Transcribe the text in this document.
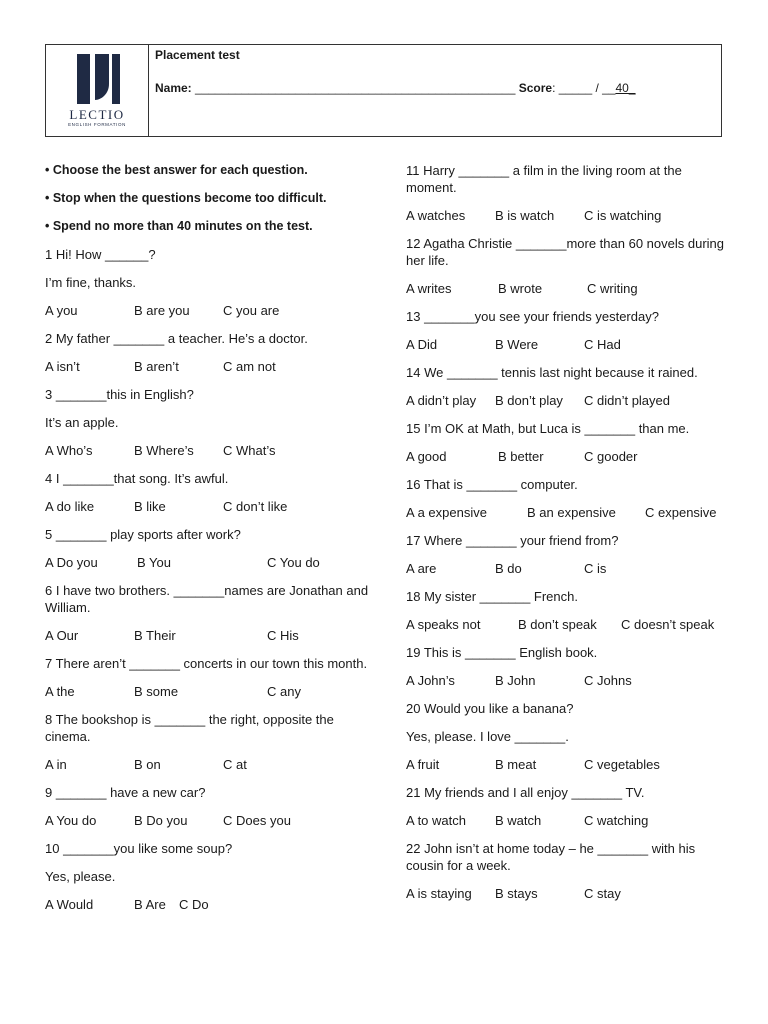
LECTIO
ENGLISH FORMATION
Placement test
Name: ________________________________________________ Score: _____ / __40_
• Choose the best answer for each question.
• Stop when the questions become too difficult.
• Spend no more than 40 minutes on the test.
1 Hi! How ______?
I’m fine, thanks.
A you	B are you	C you are
2 My father _______ a teacher. He’s a doctor.
A isn’t	B aren’t	C am not
3 _______this in English?
It’s an apple.
A Who’s	B Where’s	C What’s
4 I _______that song. It’s awful.
A do like	B like	C don’t like
5 _______ play sports after work?
A Do you	B You	C You do
6 I have two brothers. _______names are Jonathan and William.
A Our	B Their	C His
7 There aren’t _______ concerts in our town this month.
A the	B some	C any
8 The bookshop is _______ the right, opposite the cinema.
A in	B on	C at
9 _______ have a new car?
A You do	B Do you	C Does you
10 _______you like some soup?
Yes, please.
A Would	B Are	C Do
11 Harry _______ a film in the living room at the moment.
A watches	B is watch	C is watching
12 Agatha Christie _______more than 60 novels during her life.
A writes	B wrote	C writing
13 _______you see your friends yesterday?
A Did	B Were	C Had
14 We _______ tennis last night because it rained.
A didn’t play	B don’t play	C didn’t played
15 I’m OK at Math, but Luca is _______ than me.
A good	B better	C gooder
16 That is _______ computer.
A a expensive	B an expensive	C expensive
17 Where _______ your friend from?
A are	B do	C is
18 My sister _______ French.
A speaks not	B don’t speak	C doesn’t speak
19 This is _______ English book.
A John’s	B John	C Johns
20 Would you like a banana?
Yes, please. I love _______.
A fruit	B meat	C vegetables
21 My friends and I all enjoy _______ TV.
A to watch	B watch	C watching
22 John isn’t at home today – he _______ with his cousin for a week.
A is staying	B stays	C stay
